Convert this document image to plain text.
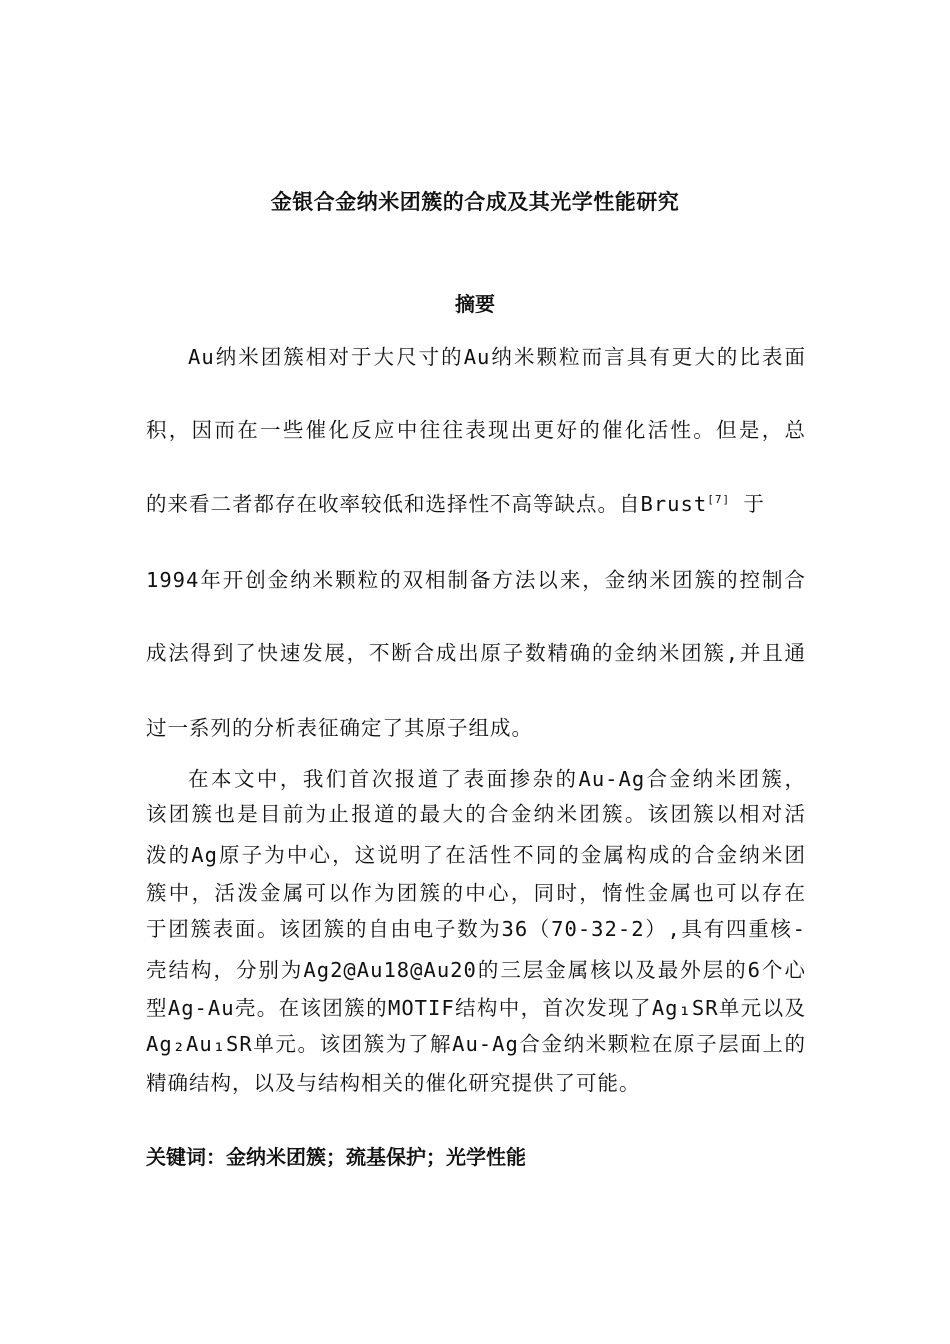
金银合金纳米团簇的合成及其光学性能研究
摘要
Au纳米团簇相对于大尺寸的Au纳米颗粒而言具有更大的比表面
积，因而在一些催化反应中往往表现出更好的催化活性。但是，总
的来看二者都存在收率较低和选择性不高等缺点。自Brust[7] 于
1994年开创金纳米颗粒的双相制备方法以来，金纳米团簇的控制合
成法得到了快速发展，不断合成出原子数精确的金纳米团簇,并且通
过一系列的分析表征确定了其原子组成。
在本文中，我们首次报道了表面掺杂的Au-Ag合金纳米团簇，
该团簇也是目前为止报道的最大的合金纳米团簇。该团簇以相对活
泼的Ag原子为中心，这说明了在活性不同的金属构成的合金纳米团
簇中，活泼金属可以作为团簇的中心，同时，惰性金属也可以存在
于团簇表面。该团簇的自由电子数为36（70-32-2）,具有四重核-
壳结构，分别为Ag2@Au18@Au20的三层金属核以及最外层的6个心
型Ag-Au壳。在该团簇的MOTIF结构中，首次发现了Ag₁SR单元以及
Ag₂Au₁SR单元。该团簇为了解Au-Ag合金纳米颗粒在原子层面上的
精确结构，以及与结构相关的催化研究提供了可能。
关键词：金纳米团簇；巯基保护；光学性能
